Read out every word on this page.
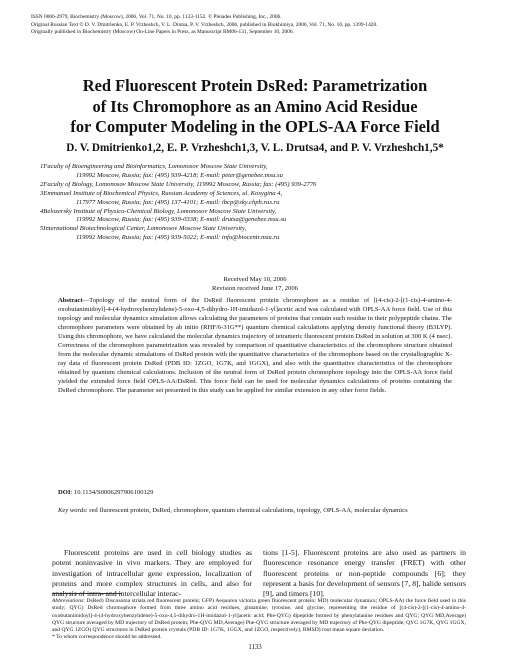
ISSN 0006-2979, Biochemistry (Moscow), 2006, Vol. 71, No. 10, pp. 1133-1152. © Pleiades Publishing, Inc., 2006.
Original Russian Text © D. V. Dmitrienko, E. P. Vrzheshch, V. L. Drutsa, P. V. Vrzheshch, 2006, published in Biokhimiya, 2006, Vol. 71, No. 10, pp. 1399-1420.
Originally published in Biochemistry (Moscow) On-Line Papers in Press, as Manuscript BM06-131, September 10, 2006.
Red Fluorescent Protein DsRed: Parametrization
of Its Chromophore as an Amino Acid Residue
for Computer Modeling in the OPLS-AA Force Field
D. V. Dmitrienko1,2, E. P. Vrzheshch1,3, V. L. Drutsa4, and P. V. Vrzheshch1,5*
1Faculty of Bioengineering and Bioinformatics, Lomonosov Moscow State University,
119992 Moscow, Russia; fax: (495) 939-4218; E-mail: peter@genebee.msu.su
2Faculty of Biology, Lomonosov Moscow State University, 119992 Moscow, Russia; fax: (495) 939-2776
3Emmanuel Institute of Biochemical Physics, Russian Academy of Sciences, ul. Kosygina 4,
117977 Moscow, Russia; fax: (495) 137-4101; E-mail: ibcp@sky.chph.ras.ru
4Belozersky Institute of Physico-Chemical Biology, Lomonosov Moscow State University,
119992 Moscow, Russia; fax: (495) 939-0338; E-mail: drutsa@genebee.msu.su
5International Biotechnological Center, Lomonosov Moscow State University,
119992 Moscow, Russia; fax: (495) 939-5022; E-mail: info@biocentr.msu.ru
Received May 10, 2006
Revision received June 17, 2006
Abstract—Topology of the neutral form of the DsRed fluorescent protein chromophore as a residue of [(4-cis)-2-[(1-cis)-4-amino-4-oxobutanimidoyl]-4-(4-hydroxybenzylidene)-5-oxo-4,5-dihydro-1H-imidazol-1-yl]acetic acid was calculated with OPLS-AA force field. Use of this topology and molecular dynamics simulation allows calculating the parameters of proteins that contain such residue in their polypeptide chains. The chromophore parameters were obtained by ab initio (RHF/6-31G**) quantum chemical calculations applying density functional theory (B3LYP). Using this chromophore, we have calculated the molecular dynamics trajectory of tetrameric fluorescent protein DsRed in solution at 300 K (4 nsec). Correctness of the chromophore parametrization was revealed by comparison of quantitative characteristics of the chromophore structure obtained from the molecular dynamic simulations of DsRed protein with the quantitative characteristics of the chromophore based on the crystallographic X-ray data of fluorescent protein DsRed (PDB ID: 1ZGO, 1G7K, and 1GGX), and also with the quantitative characteristics of the chromophore obtained by quantum chemical calculations. Inclusion of the neutral form of DsRed protein chromophore topology into the OPLS-AA force field yielded the extended force field OPLS-AA/DsRed. This force field can be used for molecular dynamics calculations of proteins containing the DsRed chromophore. The parameter set presented in this study can be applied for similar extension in any other force fields.
DOI: 10.1134/S0006297906100129
Key words: red fluorescent protein, DsRed, chromophore, quantum chemical calculations, topology, OPLS-AA, molecular dynamics
Fluorescent proteins are used in cell biology studies as potent noninvasive in vivo markers. They are employed for investigation of intracellular gene expression, localization of proteins and more complex structures in cells, and also for analysis of intra- and intercellular interac-
tions [1-5]. Fluorescent proteins are also used as partners in fluorescence resonance energy transfer (FRET) with other fluorescent proteins or non-peptide compounds [6]; they represent a basis for development of sensors [7, 8], halide sensors [9], and timers [10].
Abbreviations: DsRed) Discosoma striata red fluorescent protein; GFP) Aequorea victoria green fluorescent protein; MD) molecular dynamics; OPLS-AA) the force field used in this study; QYG) DsRed chromophore formed from three amino acid residues, glutamine, tyrosine, and glycine, representing the residue of [(4-cis)-2-[(1-cis)-4-amino-4-oxobutanimidoyl]-4-(4-hydroxybenzylidene)-5-oxo-4,5-dihydro-1H-imidazol-1-yl]acetic acid; Phe-QYG) dipeptide formed by phenylalanine residues and QYG; QYG MD,Average) QYG structure averaged by MD trajectory of DsRed protein; Phe-QYG MD,Average) Phe-QYG structure averaged by MD trajectory of Phe-QYG dipeptide; QYG 1G7K, QYG 1GGX, and QYG 1ZGO) QYG structures in DsRed protein crystals (PDB ID: 1G7K, 1GGX, and 1ZGO, respectively); RMSD) root mean square deviation.
* To whom correspondence should be addressed.
1133
